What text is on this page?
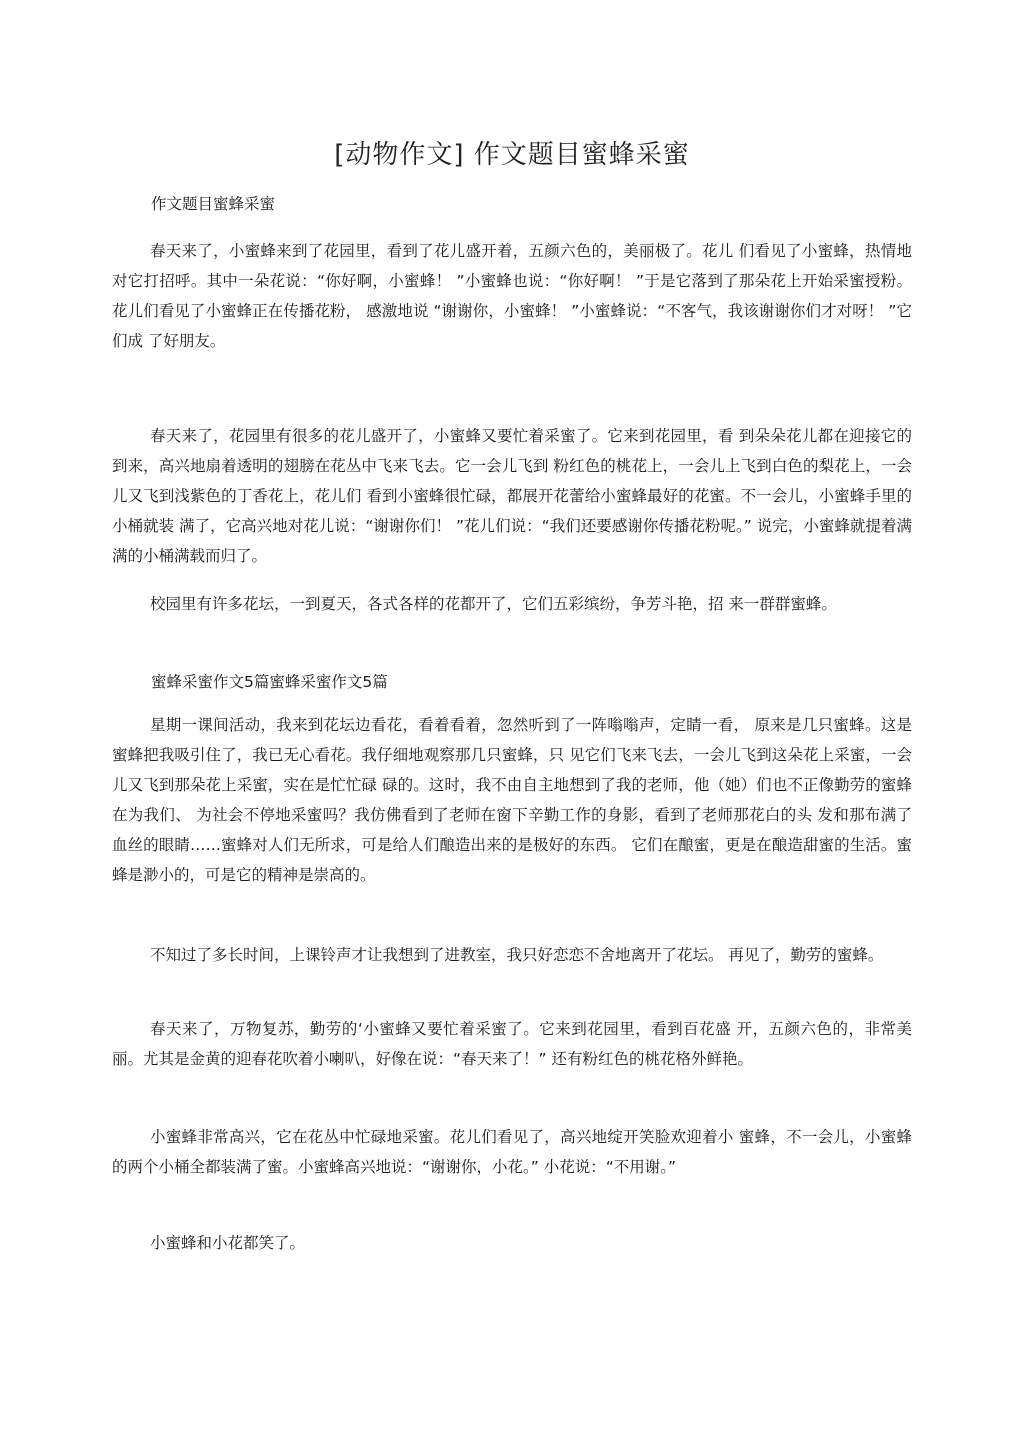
[动物作文] 作文题目蜜蜂采蜜
作文题目蜜蜂采蜜

春天来了，小蜜蜂来到了花园里，看到了花儿盛开着，五颜六色的，美丽极了。花儿 们看见了小蜜蜂，热情地对它打招呼。其中一朵花说：“你好啊，小蜜蜂！ ”小蜜蜂也说：“你好啊！ ”于是它落到了那朵花上开始采蜜授粉。花儿们看见了小蜜蜂正在传播花粉， 感激地说 “谢谢你，小蜜蜂！ ”小蜜蜂说：“不客气，我该谢谢你们才对呀！ ”它们成 了好朋友。

春天来了，花园里有很多的花儿盛开了，小蜜蜂又要忙着采蜜了。它来到花园里，看 到朵朵花儿都在迎接它的到来，高兴地扇着透明的翅膀在花丛中飞来飞去。它一会儿飞到 粉红色的桃花上，一会儿上飞到白色的梨花上，一会儿又飞到浅紫色的丁香花上，花儿们 看到小蜜蜂很忙碌，都展开花蕾给小蜜蜂最好的花蜜。不一会儿，小蜜蜂手里的小桶就装 满了，它高兴地对花儿说：“谢谢你们！ ”花儿们说：“我们还要感谢你传播花粉呢。” 说完，小蜜蜂就提着满满的小桶满载而归了。

校园里有许多花坛，一到夏天，各式各样的花都开了，它们五彩缤纷，争芳斗艳，招 来一群群蜜蜂。

蜜蜂采蜜作文5篇蜜蜂采蜜作文5篇

星期一课间活动，我来到花坛边看花，看着看着，忽然听到了一阵嗡嗡声，定睛一看， 原来是几只蜜蜂。这是蜜蜂把我吸引住了，我已无心看花。我仔细地观察那几只蜜蜂，只 见它们飞来飞去，一会儿飞到这朵花上采蜜，一会儿又飞到那朵花上采蜜，实在是忙忙碌 碌的。这时，我不由自主地想到了我的老师，他（她）们也不正像勤劳的蜜蜂在为我们、 为社会不停地采蜜吗？我仿佛看到了老师在窗下辛勤工作的身影，看到了老师那花白的头 发和那布满了血丝的眼睛……蜜蜂对人们无所求，可是给人们酿造出来的是极好的东西。 它们在酿蜜，更是在酿造甜蜜的生活。蜜蜂是渺小的，可是它的精神是崇高的。

不知过了多长时间，上课铃声才让我想到了进教室，我只好恋恋不舍地离开了花坛。 再见了，勤劳的蜜蜂。

春天来了，万物复苏，勤劳的‘小蜜蜂又要忙着采蜜了。它来到花园里，看到百花盛 开，五颜六色的，非常美丽。尤其是金黄的迎春花吹着小喇叭，好像在说：“春天来了！” 还有粉红色的桃花格外鲜艳。

小蜜蜂非常高兴，它在花丛中忙碌地采蜜。花儿们看见了，高兴地绽开笑脸欢迎着小 蜜蜂，不一会儿，小蜜蜂的两个小桶全都装满了蜜。小蜜蜂高兴地说：“谢谢你，小花。” 小花说：“不用谢。”

小蜜蜂和小花都笑了。
